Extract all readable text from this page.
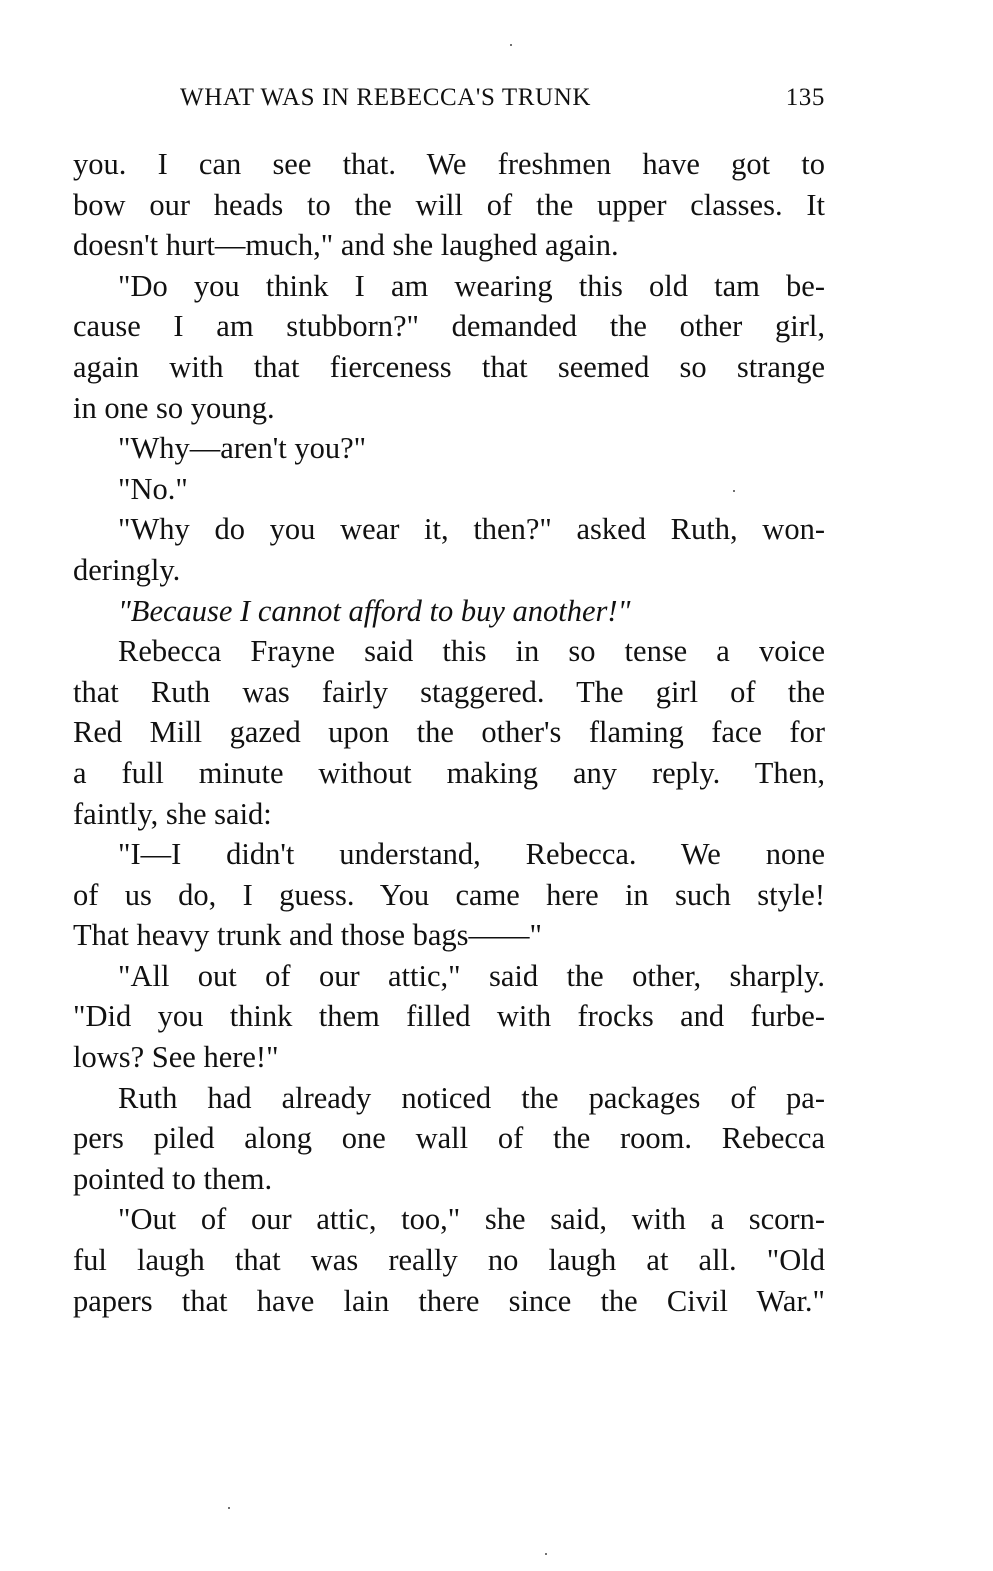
WHAT WAS IN REBECCA'S TRUNK	135
you. I can see that. We freshmen have got to
bow our heads to the will of the upper classes. It
doesn't hurt—much," and she laughed again.
"Do you think I am wearing this old tam be-
cause I am stubborn?" demanded the other girl,
again with that fierceness that seemed so strange
in one so young.
"Why—aren't you?"
"No."
"Why do you wear it, then?" asked Ruth, won-
deringly.
"Because I cannot afford to buy another!"
Rebecca Frayne said this in so tense a voice
that Ruth was fairly staggered. The girl of the
Red Mill gazed upon the other's flaming face for
a full minute without making any reply. Then,
faintly, she said:
"I—I didn't understand, Rebecca. We none
of us do, I guess. You came here in such style!
That heavy trunk and those bags——"
"All out of our attic," said the other, sharply.
"Did you think them filled with frocks and furbe-
lows? See here!"
Ruth had already noticed the packages of pa-
pers piled along one wall of the room. Rebecca
pointed to them.
"Out of our attic, too," she said, with a scorn-
ful laugh that was really no laugh at all. "Old
papers that have lain there since the Civil War."
